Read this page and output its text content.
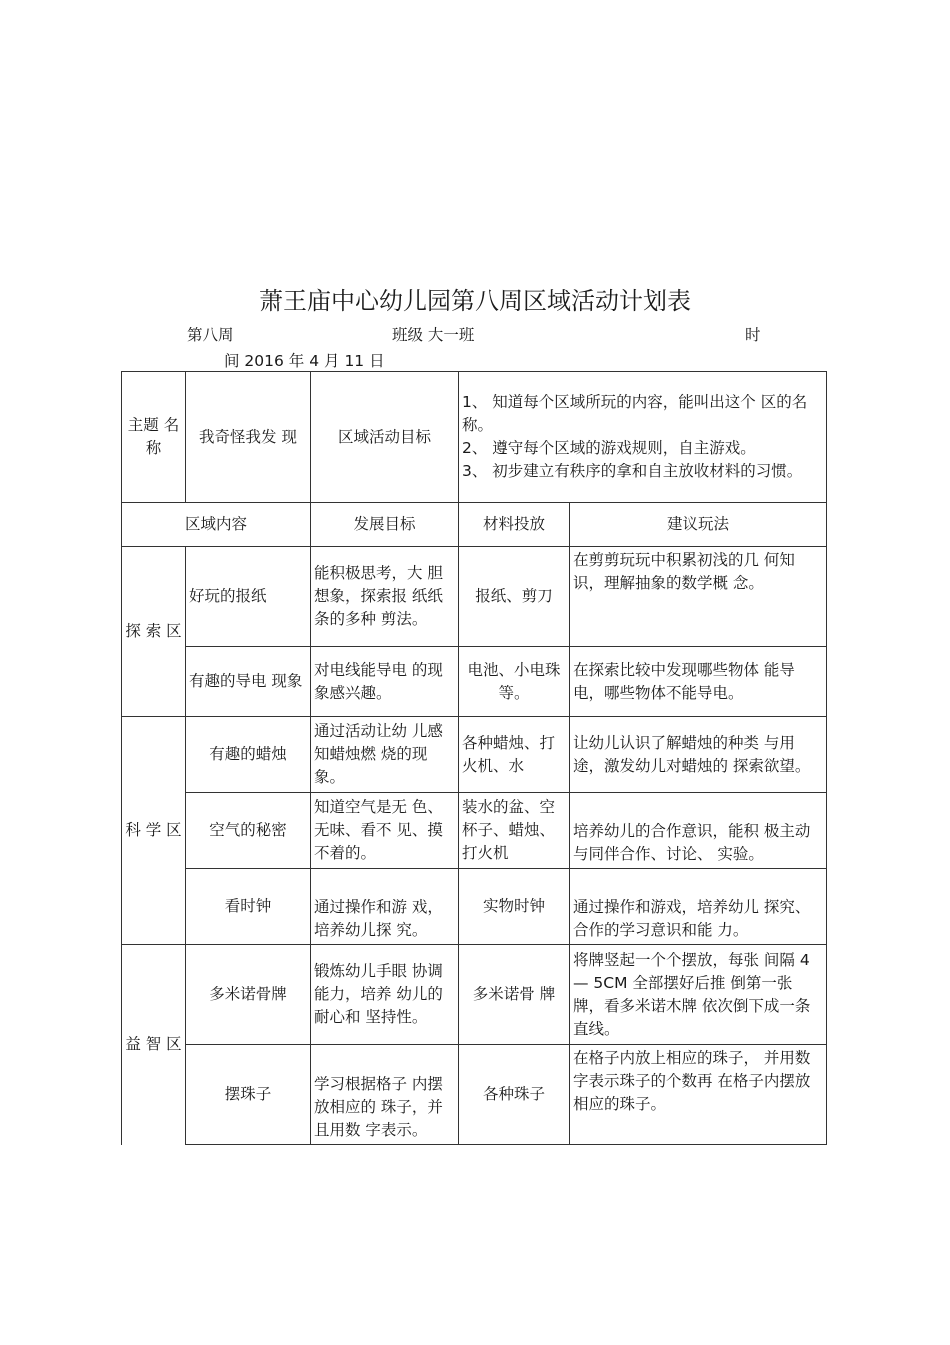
萧王庙中心幼儿园第八周区域活动计划表
第八周	班级 大一班	时
间 2016 年 4 月 11 日
主题 名称	我奇怪我发 现	区域活动目标	1、 知道每个区域所玩的内容，能叫出这个 区的名称。
2、 遵守每个区域的游戏规则，自主游戏。
3、 初步建立有秩序的拿和自主放收材料的习惯。	

区域内容		发展目标	材料投放	建议玩法
探 索 区	好玩的报纸	能积极思考，大 胆想象，探索报 纸纸条的多种 剪法。	报纸、剪刀	在剪剪玩玩中积累初浅的几 何知识，理解抽象的数学概 念。
	有趣的导电 现象	对电线能导电 的现象感兴趣。	电池、小电珠等。	在探索比较中发现哪些物体 能导电，哪些物体不能导电。
科 学 区	有趣的蜡烛	通过活动让幼 儿感知蜡烛燃 烧的现象。	各种蜡烛、打火机、水	让幼儿认识了解蜡烛的种类 与用途，激发幼儿对蜡烛的 探索欲望。
	空气的秘密	知道空气是无 色、无味、看不 见、摸不着的。	装水的盆、空杯子、蜡烛、打火机	培养幼儿的合作意识，能积 极主动与同伴合作、讨论、 实验。
	看时钟	通过操作和游 戏，培养幼儿探 究。	实物时钟	通过操作和游戏，培养幼儿 探究、合作的学习意识和能 力。
益 智 区	多米诺骨牌	锻炼幼儿手眼 协调能力，培养 幼儿的耐心和 坚持性。	多米诺骨 牌	将牌竖起一个个摆放，每张 间隔 4— 5CM 全部摆好后推 倒第一张牌，看多米诺木牌 依次倒下成一条直线。
	摆珠子	学习根据格子 内摆放相应的 珠子，并且用数 字表示。	各种珠子	在格子内放上相应的珠子， 并用数字表示珠子的个数再 在格子内摆放相应的珠子。
